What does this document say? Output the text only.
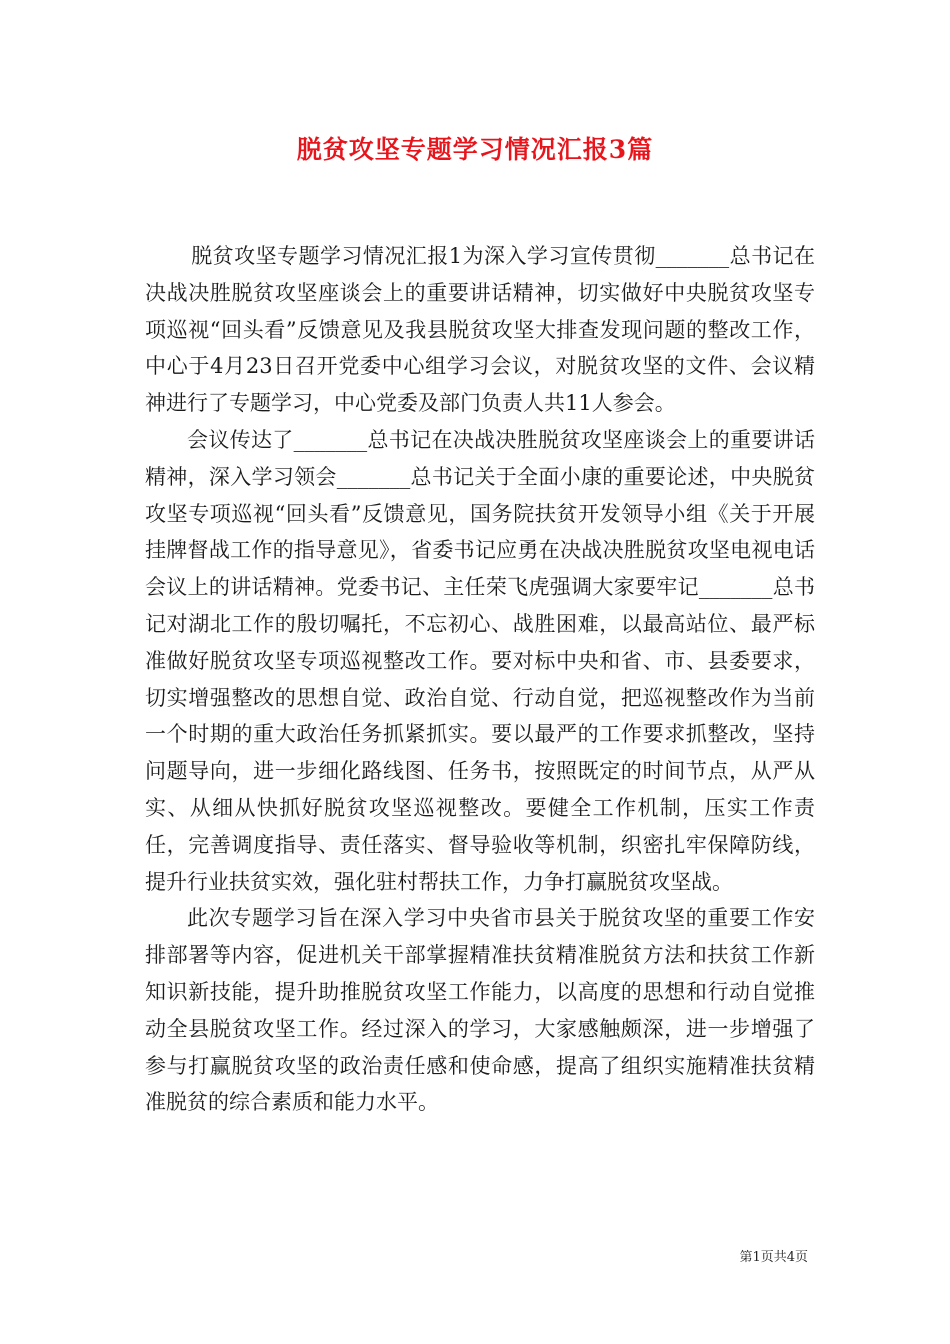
脱贫攻坚专题学习情况汇报3篇

脱贫攻坚专题学习情况汇报1为深入学习宣传贯彻_______总书记在决战决胜脱贫攻坚座谈会上的重要讲话精神，切实做好中央脱贫攻坚专项巡视“回头看”反馈意见及我县脱贫攻坚大排查发现问题的整改工作，中心于4月23日召开党委中心组学习会议，对脱贫攻坚的文件、会议精神进行了专题学习，中心党委及部门负责人共11人参会。

会议传达了_______总书记在决战决胜脱贫攻坚座谈会上的重要讲话精神，深入学习领会_______总书记关于全面小康的重要论述，中央脱贫攻坚专项巡视“回头看”反馈意见，国务院扶贫开发领导小组《关于开展挂牌督战工作的指导意见》，省委书记应勇在决战决胜脱贫攻坚电视电话会议上的讲话精神。党委书记、主任荣飞虎强调大家要牢记_______总书记对湖北工作的殷切嘱托，不忘初心、战胜困难，以最高站位、最严标准做好脱贫攻坚专项巡视整改工作。要对标中央和省、市、县委要求，切实增强整改的思想自觉、政治自觉、行动自觉，把巡视整改作为当前一个时期的重大政治任务抓紧抓实。要以最严的工作要求抓整改，坚持问题导向，进一步细化路线图、任务书，按照既定的时间节点，从严从实、从细从快抓好脱贫攻坚巡视整改。要健全工作机制，压实工作责任，完善调度指导、责任落实、督导验收等机制，织密扎牢保障防线，提升行业扶贫实效，强化驻村帮扶工作，力争打赢脱贫攻坚战。

此次专题学习旨在深入学习中央省市县关于脱贫攻坚的重要工作安排部署等内容，促进机关干部掌握精准扶贫精准脱贫方法和扶贫工作新知识新技能，提升助推脱贫攻坚工作能力，以高度的思想和行动自觉推动全县脱贫攻坚工作。经过深入的学习，大家感触颇深，进一步增强了参与打赢脱贫攻坚的政治责任感和使命感，提高了组织实施精准扶贫精准脱贫的综合素质和能力水平。

第1页共4页
